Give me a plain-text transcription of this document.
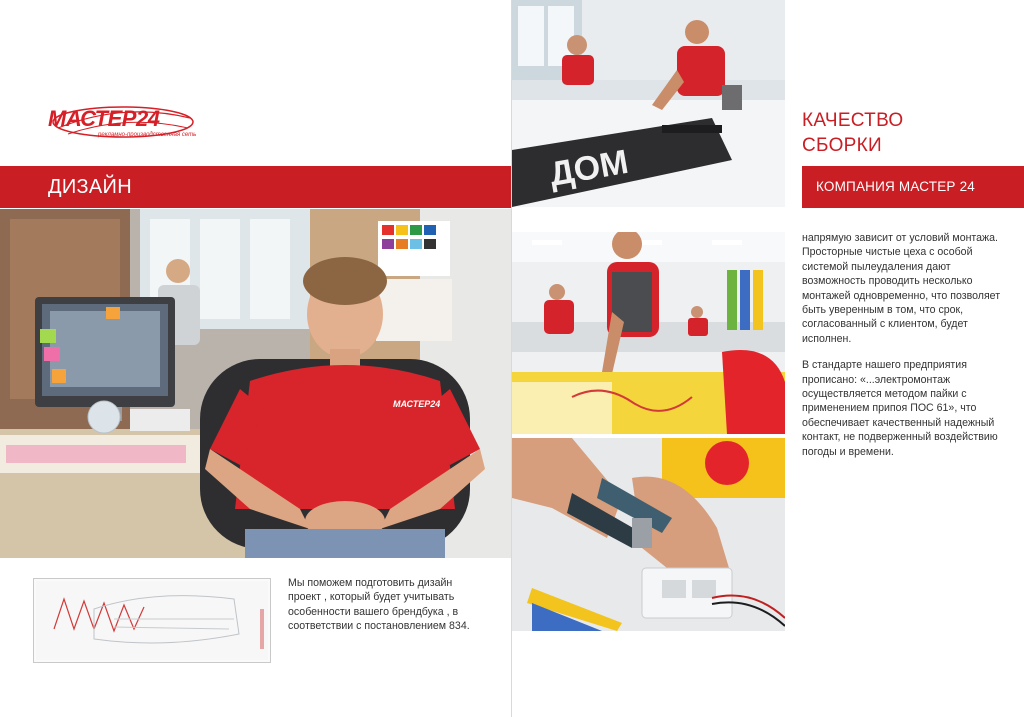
МАСТЕР24
рекламно-производственная сеть
ДИЗАЙН
МАСТЕР24
Мы поможем подготовить дизайн проект , который будет учитывать особенности вашего брендбука , в соответствии с постановлением 834.
ДОМ
КАЧЕСТВО
СБОРКИ
КОМПАНИЯ МАСТЕР 24

напрямую зависит от условий монтажа. Просторные чистые цеха с особой системой пылеудаления дают возможность проводить несколько монтажей одновременно, что позволяет быть уверенным в том, что срок, согласованный с клиентом, будет исполнен.

В стандарте нашего предприятия прописано: «...электромонтаж осуществляется методом пайки с применением припоя ПОС 61», что обеспечивает качественный надежный контакт, не подверженный воздействию погоды и времени.
